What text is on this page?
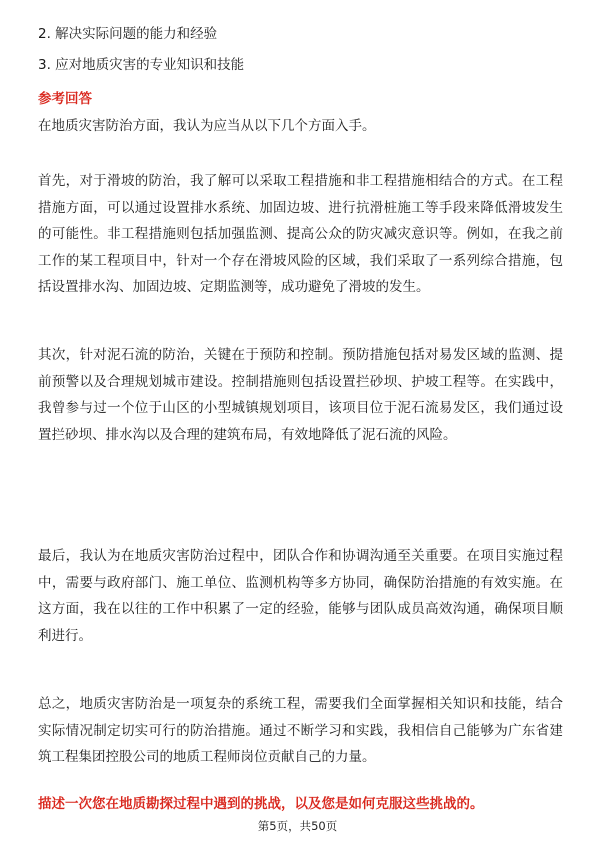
2. 解决实际问题的能力和经验
3. 应对地质灾害的专业知识和技能
参考回答
在地质灾害防治方面，我认为应当从以下几个方面入手。

首先，对于滑坡的防治，我了解可以采取工程措施和非工程措施相结合的方式。在工程措施方面，可以通过设置排水系统、加固边坡、进行抗滑桩施工等手段来降低滑坡发生的可能性。非工程措施则包括加强监测、提高公众的防灾减灾意识等。例如，在我之前工作的某工程项目中，针对一个存在滑坡风险的区域，我们采取了一系列综合措施，包括设置排水沟、加固边坡、定期监测等，成功避免了滑坡的发生。

其次，针对泥石流的防治，关键在于预防和控制。预防措施包括对易发区域的监测、提前预警以及合理规划城市建设。控制措施则包括设置拦砂坝、护坡工程等。在实践中，我曾参与过一个位于山区的小型城镇规划项目，该项目位于泥石流易发区，我们通过设置拦砂坝、排水沟以及合理的建筑布局，有效地降低了泥石流的风险。

最后，我认为在地质灾害防治过程中，团队合作和协调沟通至关重要。在项目实施过程中，需要与政府部门、施工单位、监测机构等多方协同，确保防治措施的有效实施。在这方面，我在以往的工作中积累了一定的经验，能够与团队成员高效沟通，确保项目顺利进行。

总之，地质灾害防治是一项复杂的系统工程，需要我们全面掌握相关知识和技能，结合实际情况制定切实可行的防治措施。通过不断学习和实践，我相信自己能够为广东省建筑工程集团控股公司的地质工程师岗位贡献自己的力量。

描述一次您在地质勘探过程中遇到的挑战，以及您是如何克服这些挑战的。
第5页，共50页
